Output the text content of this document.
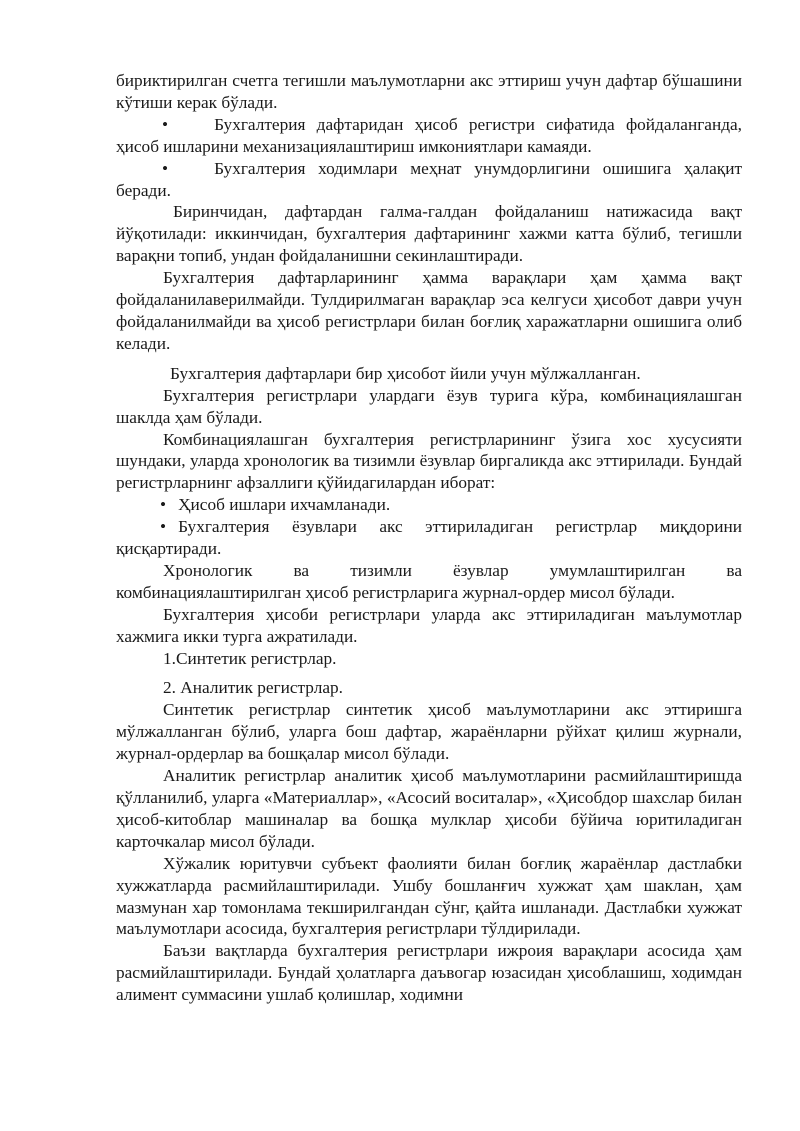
бириктирилган счетга тегишли маълумотларни акс эттириш учун дафтар бўшашини кўтиши керак бўлади.

•	Бухгалтерия дафтаридан ҳисоб регистри сифатида фойдаланганда, ҳисоб ишларини механизациялаштириш имкониятлари камаяди.

•	Бухгалтерия ходимлари меҳнат унумдорлигини ошишига ҳалақит беради.

Биринчидан, дафтардан галма-галдан фойдаланиш натижасида вақт йўқотилади: иккинчидан, бухгалтерия дафтарининг хажми катта бўлиб, тегишли варақни топиб, ундан фойдаланишни секинлаштиради.

Бухгалтерия дафтарларининг ҳамма варақлари ҳам ҳамма вақт фойдаланилаверилмайди. Тулдирилмаган варақлар эса келгуси ҳисобот даври учун фойдаланилмайди ва ҳисоб регистрлари билан боғлиқ харажатларни ошишига олиб келади.

Бухгалтерия дафтарлари бир ҳисобот йили учун мўлжалланган.

Бухгалтерия регистрлари улардаги ёзув турига кўра, комбинациялашган шаклда ҳам бўлади.

Комбинациялашган бухгалтерия регистрларининг ўзига хос хусусияти шундаки, уларда хронологик ва тизимли ёзувлар биргаликда акс эттирилади. Бундай регистрларнинг афзаллиги қўйидагилардан иборат:

• Ҳисоб ишлари ихчамланади.

• Бухгалтерия ёзувлари акс эттириладиган регистрлар миқдорини қисқартиради.

Хронологик ва тизимли ёзувлар умумлаштирилган ва комбинациялаштирилган ҳисоб регистрларига журнал-ордер мисол бўлади.

Бухгалтерия ҳисоби регистрлари уларда акс эттириладиган маълумотлар хажмига икки турга ажратилади.

1.Синтетик регистрлар.

2. Аналитик регистрлар.

Синтетик регистрлар синтетик ҳисоб маълумотларини акс эттиришга мўлжалланган бўлиб, уларга бош дафтар, жараёнларни рўйхат қилиш журнали, журнал-ордерлар ва бошқалар мисол бўлади.

Аналитик регистрлар аналитик ҳисоб маълумотларини расмийлаштиришда қўлланилиб, уларга «Материаллар», «Асосий воситалар», «Ҳисобдор шахслар билан ҳисоб-китоблар машиналар ва бошқа мулклар ҳисоби бўйича юритиладиган карточкалар мисол бўлади.

Хўжалик юритувчи субъект фаолияти билан боғлиқ жараёнлар дастлабки хужжатларда расмийлаштирилади. Ушбу бошланғич хужжат ҳам шаклан, ҳам мазмунан хар томонлама текширилгандан сўнг, қайта ишланади. Дастлабки хужжат маълумотлари асосида, бухгалтерия регистрлари тўлдирилади.

Баъзи вақтларда бухгалтерия регистрлари ижроия варақлари асосида ҳам расмийлаштирилади. Бундай ҳолатларга даъвогар юзасидан ҳисоблашиш, ходимдан алимент суммасини ушлаб қолишлар, ходимни
